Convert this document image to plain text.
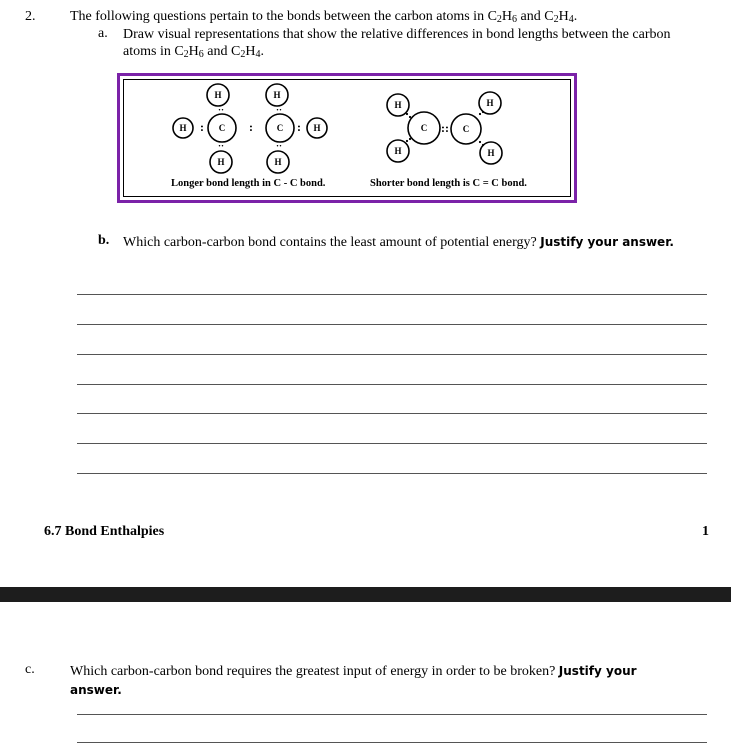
2. The following questions pertain to the bonds between the carbon atoms in $C_2H_6$ and $C_2H_4$.
a. Draw visual representations that show the relative differences in bond lengths between the carbon atoms in $C_2H_6$ and $C_2H_4$.
H	H
H	C	C	H
H	H
H	H
C	C
H	H
:	:	:	::
··	··
··	··
Longer bond length in C - C bond.	Shorter bond length is C = C bond.
b. Which carbon-carbon bond contains the least amount of potential energy? Justify your answer.
6.7 Bond Enthalpies	1
c.	Which carbon-carbon bond requires the greatest input of energy in order to be broken? Justify your answer.
